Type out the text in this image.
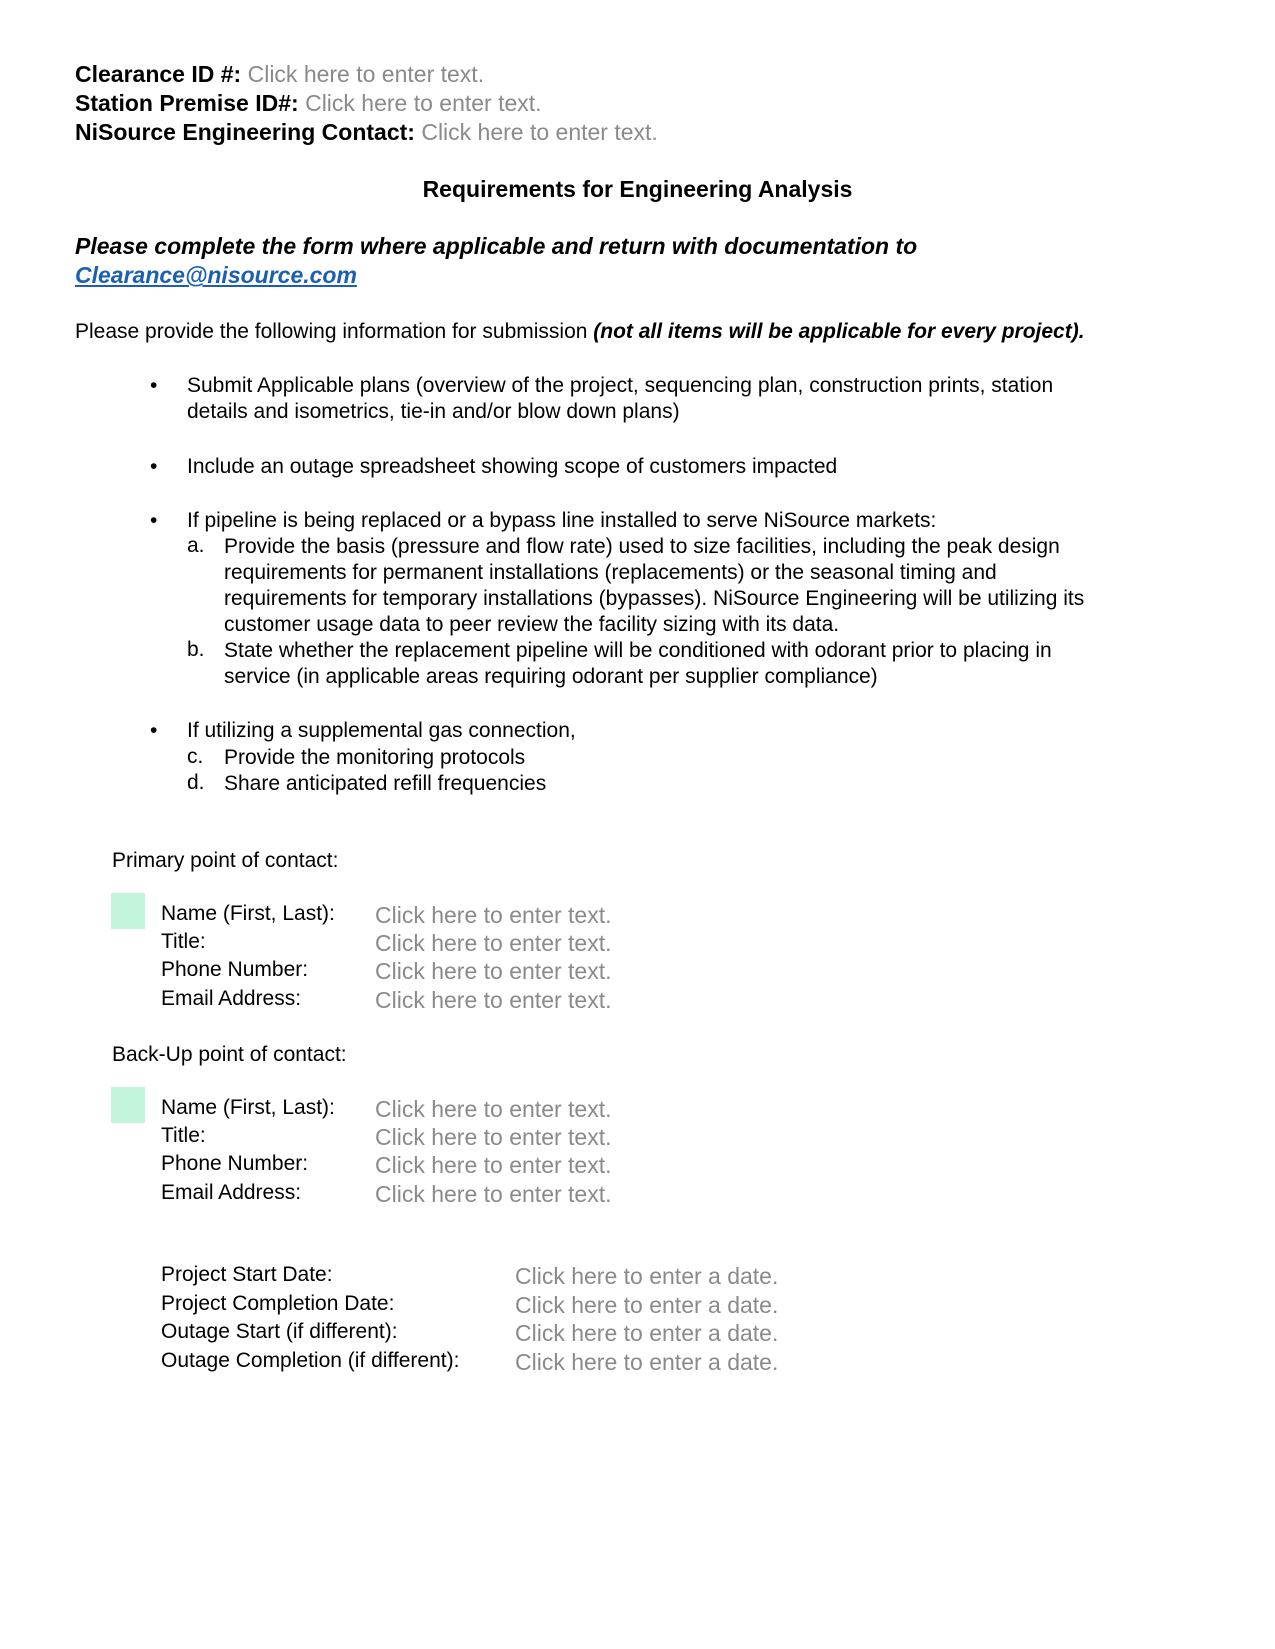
Clearance ID #: Click here to enter text.
Station Premise ID#: Click here to enter text.
NiSource Engineering Contact: Click here to enter text.
Requirements for Engineering Analysis
Please complete the form where applicable and return with documentation to
Clearance@nisource.com
Please provide the following information for submission (not all items will be applicable for every project).
• Submit Applicable plans (overview of the project, sequencing plan, construction prints, station
details and isometrics, tie-in and/or blow down plans)
• Include an outage spreadsheet showing scope of customers impacted
• If pipeline is being replaced or a bypass line installed to serve NiSource markets:
a. Provide the basis (pressure and flow rate) used to size facilities, including the peak design
requirements for permanent installations (replacements) or the seasonal timing and
requirements for temporary installations (bypasses). NiSource Engineering will be utilizing its
customer usage data to peer review the facility sizing with its data.
b. State whether the replacement pipeline will be conditioned with odorant prior to placing in
service (in applicable areas requiring odorant per supplier compliance)
• If utilizing a supplemental gas connection,
c. Provide the monitoring protocols
d. Share anticipated refill frequencies
Primary point of contact:
Name (First, Last): Click here to enter text.
Title:	Click here to enter text.
Phone Number:	Click here to enter text.
Email Address:	Click here to enter text.
Back-Up point of contact:
Name (First, Last): Click here to enter text.
Title:	Click here to enter text.
Phone Number:	Click here to enter text.
Email Address:	Click here to enter text.
Project Start Date:	Click here to enter a date.
Project Completion Date:	Click here to enter a date.
Outage Start (if different):	Click here to enter a date.
Outage Completion (if different): Click here to enter a date.
